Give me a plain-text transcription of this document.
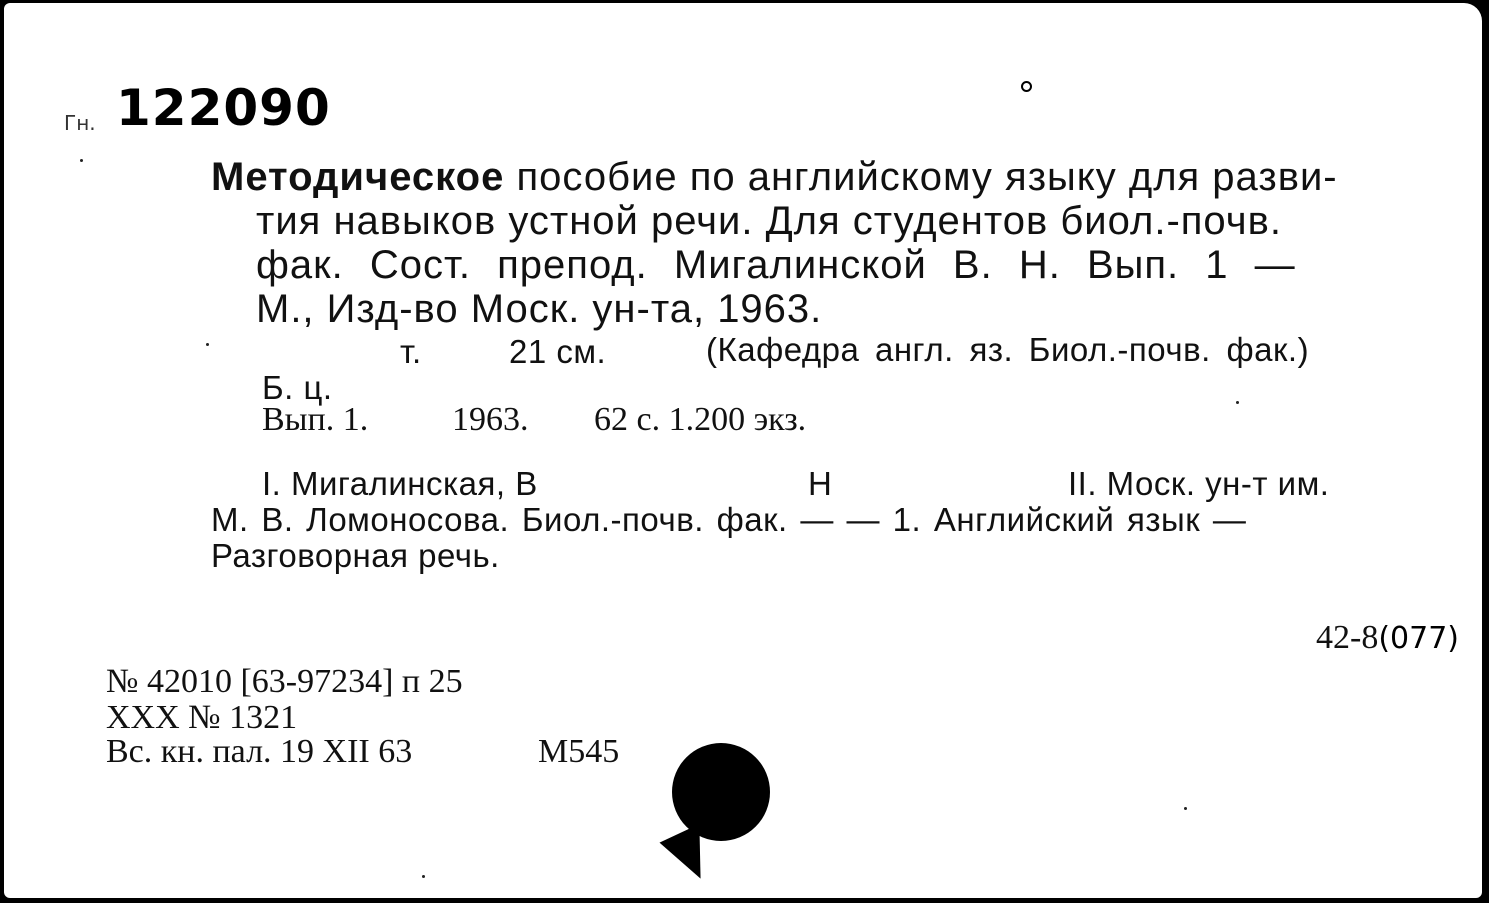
Гн. 122090
Методическое пособие по английскому языку для разви-
тия навыков устной речи. Для студентов биол.-почв.
фак. Сост. препод. Мигалинской В. Н. Вып. 1 —
М., Изд-во Моск. ун-та, 1963.
т.	21 см.	(Кафедра англ. яз. Биол.-почв. фак.)
Б. ц.
Вып. 1. 1963. 62 с. 1.200 экз.
I. Мигалинская, В	Н	II. Моск. ун-т им.
М. В. Ломоносова. Биол.-почв. фак. — — 1. Английский язык —
Разговорная речь.
42-8(077)
№ 42010 [63-97234] п 25
XXX № 1321
Вс. кн. пал. 19 XII 63	М545
